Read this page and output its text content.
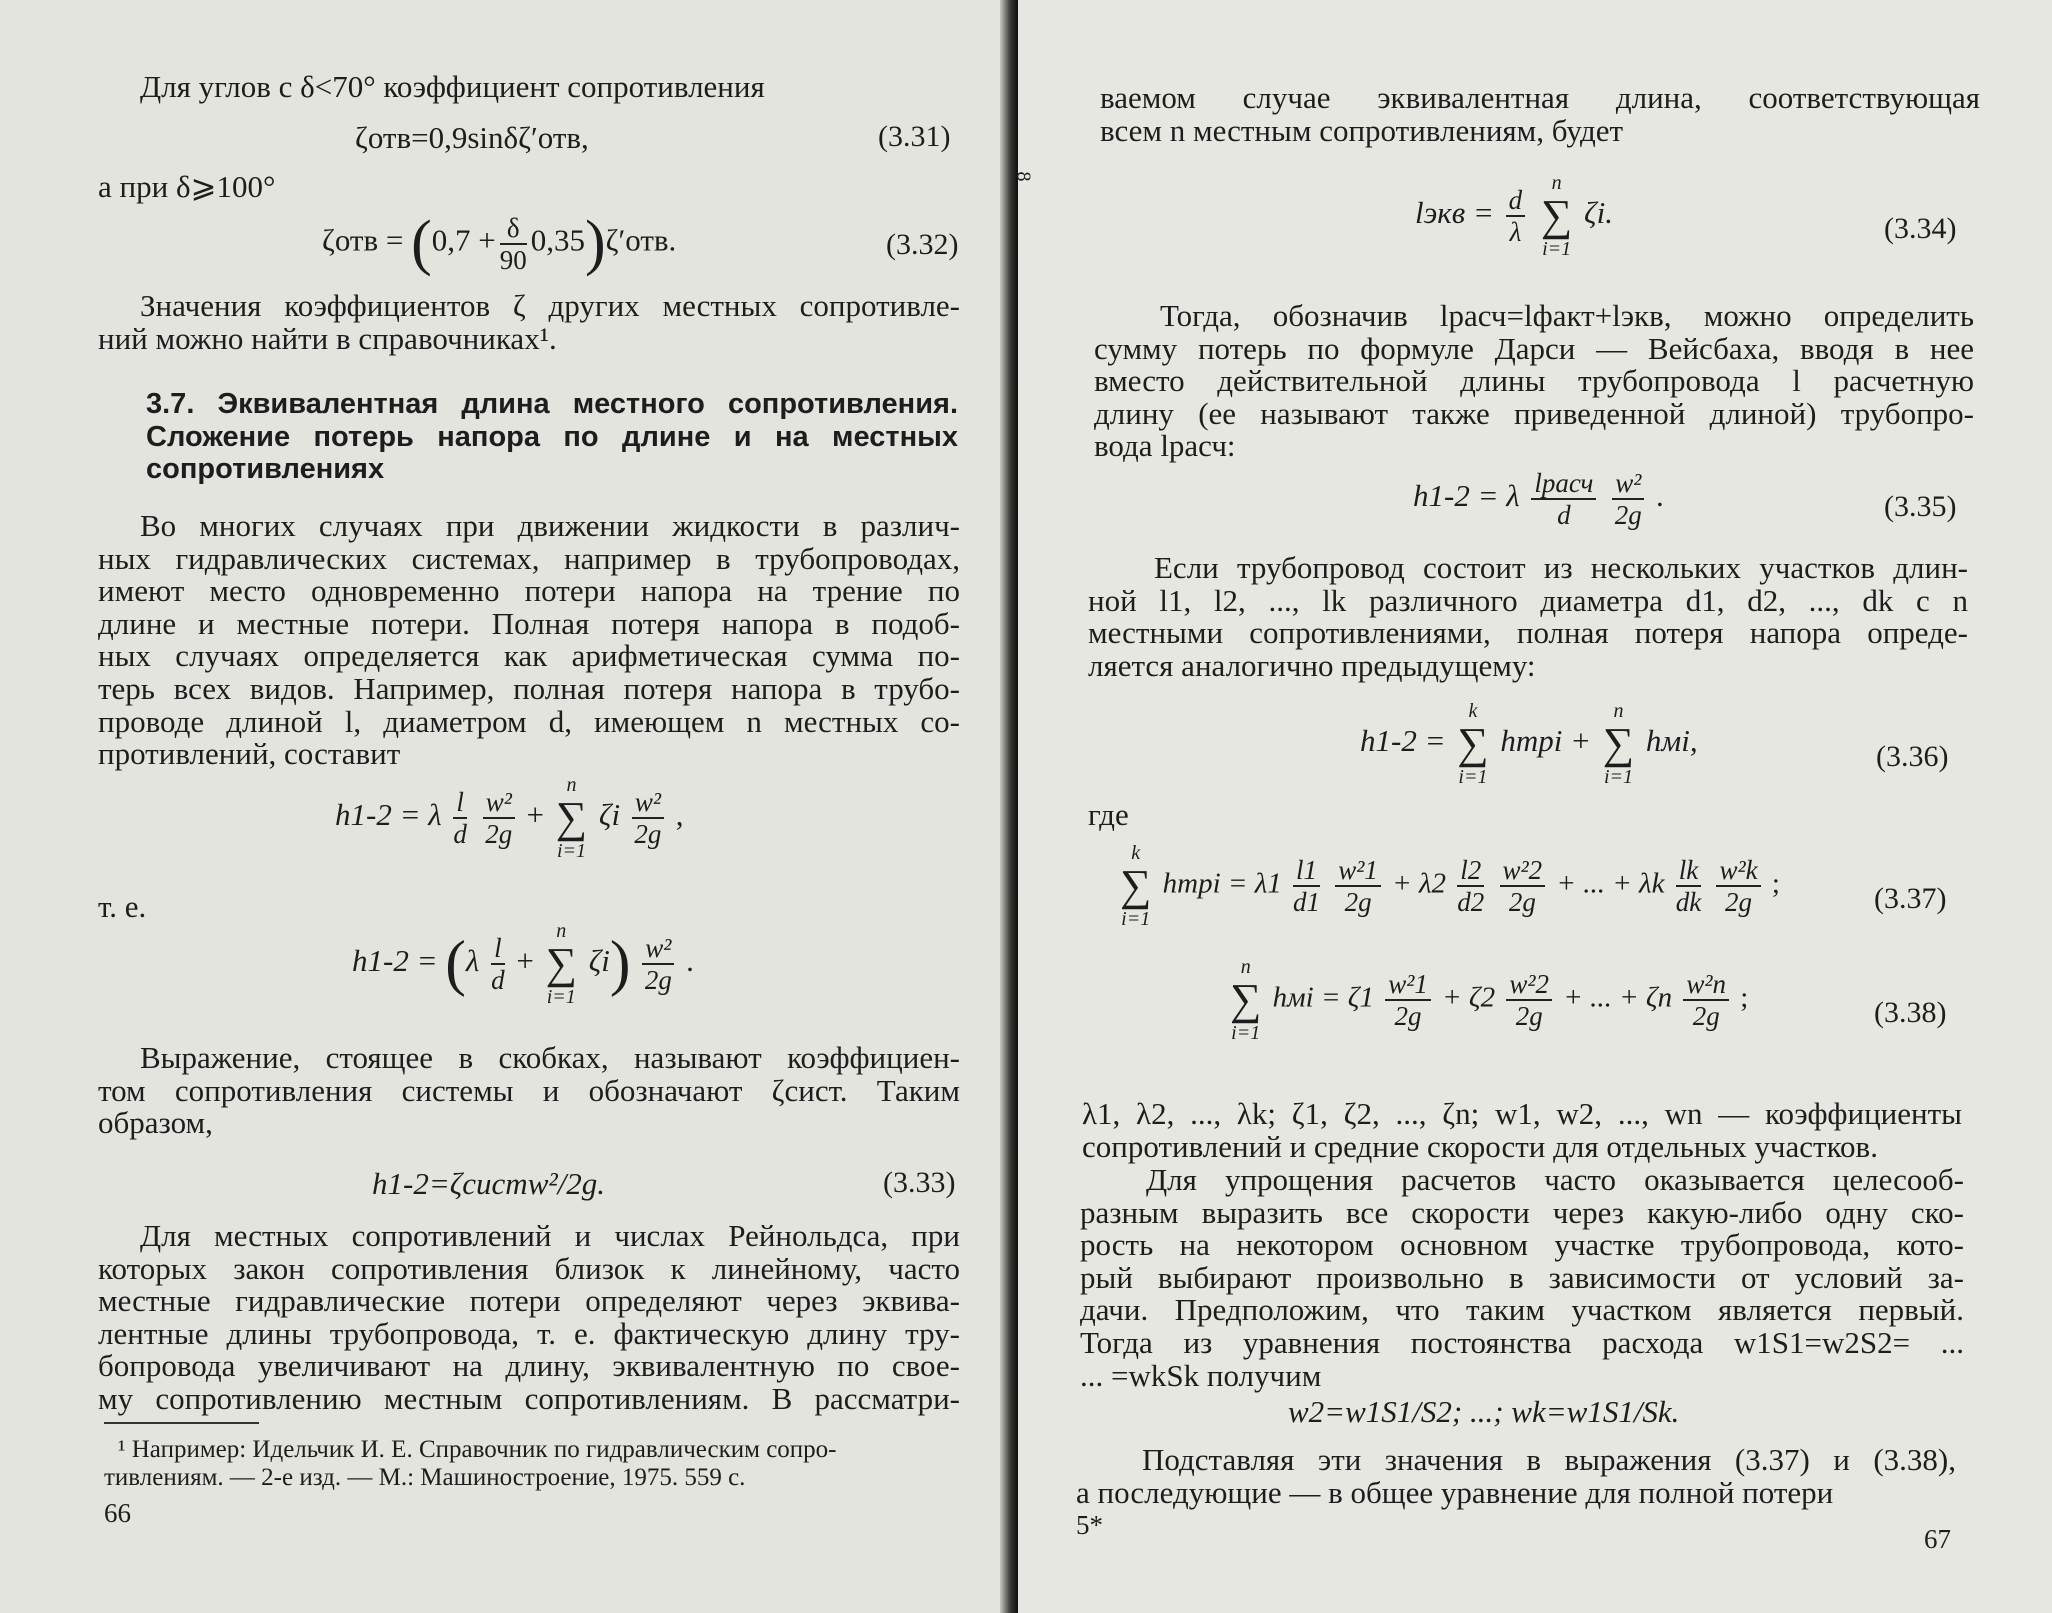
Для углов с δ<70° коэффициент сопротивления
ζотв=0,9sinδζ′отв,	(3.31)
а при δ⩾100°
$\zeta отв = (0,7 + \frac{\delta}{90} 0,35)\zeta'отв$.	(3.32)
Значения коэффициентов ζ других местных сопротивле-
ний можно найти в справочниках¹.
3.7. Эквивалентная длина местного сопротивления.
Сложение потерь напора по длине и на местных
сопротивлениях
Во многих случаях при движении жидкости в различ-
ных гидравлических системах, например в трубопроводах,
имеют место одновременно потери напора на трение по
длине и местные потери. Полная потеря напора в подоб-
ных случаях определяется как арифметическая сумма по-
терь всех видов. Например, полная потеря напора в трубо-
проводе длиной l, диаметром d, имеющем n местных со-
противлений, составит
h1-2 = λ $\frac{l}{d}$
$\frac{\text{w²}}{2g}$ +
n
∑
i=1
ζi $\frac{\text{w²}}{2g}$ ,
т. е.
$h1-2 = (\lambda \frac{l}{d}$ +
n
∑
i=1
$\zeta i) \frac{\text{w²}}{2g}$ .
Выражение, стоящее в скобках, называют коэффициен-
том сопротивления системы и обозначают ζсист. Таким
образом,
h1-2=ζсистw²/2g.	(3.33)
Для местных сопротивлений и числах Рейнольдса, при
которых закон сопротивления близок к линейному, часто
местные гидравлические потери определяют через эквива-
лентные длины трубопровода, т. е. фактическую длину тру-
бопровода увеличивают на длину, эквивалентную по свое-
му сопротивлению местным сопротивлениям. В рассматри-
¹ Например: Идельчик И. Е. Справочник по гидравлическим сопро-
тивлениям. — 2-е изд. — М.: Машиностроение, 1975. 559 с.
66
8
ваемом случае эквивалентная длина, соответствующая
всем n местным сопротивлениям, будет
lэкв = $\frac{d}{\lambda}$

n
∑
i=1
ζi.	(3.34)
Тогда, обозначив lрасч=lфакт+lэкв, можно определить
сумму потерь по формуле Дарси — Вейсбаха, вводя в нее
вместо действительной длины трубопровода l расчетную
длину (ее называют также приведенной длиной) трубопро-
вода lрасч:
h1-2 = λ $\frac{\text{lрасч}}{d}$
$\frac{\text{w²}}{2g}$ .	(3.35)
Если трубопровод состоит из нескольких участков длин-
ной l1, l2, ..., lk различного диаметра d1, d2, ..., dk с n
местными сопротивлениями, полная потеря напора опреде-
ляется аналогично предыдущему:
h1-2 =
k
∑
i=1
hтрi +
n
∑
i=1
hмi,	(3.36)
где
k
∑
i=1
hтрi = $\lambda 1 \frac{l1}{d1}$
$\frac{\text{w²1}}{2g} + \lambda 2 \frac{l2}{d2}$
$\frac{\text{w²2}}{2g}$ + ... + λk $\frac{lk}{dk}$
$\frac{\text{w²k}}{2g}$ ;	(3.37)
n
∑
i=1
hмi = $\zeta 1 \frac{\text{w²1}}{2g} + \zeta 2 \frac{\text{w²2}}{2g}$ + ... + ζn $\frac{\text{w²n}}{2g}$ ;	(3.38)
λ1, λ2, ..., λk; ζ1, ζ2, ..., ζn; w1, w2, ..., wn — коэффициенты
сопротивлений и средние скорости для отдельных участков.
Для упрощения расчетов часто оказывается целесооб-
разным выразить все скорости через какую-либо одну ско-
рость на некотором основном участке трубопровода, кото-
рый выбирают произвольно в зависимости от условий за-
дачи. Предположим, что таким участком является первый.
Тогда из уравнения постоянства расхода w1S1=w2S2= ...
... =wkSk получим
w2=w1S1/S2; ...; wk=w1S1/Sk.
Подставляя эти значения в выражения (3.37) и (3.38),
а последующие — в общее уравнение для полной потери
5*	67
